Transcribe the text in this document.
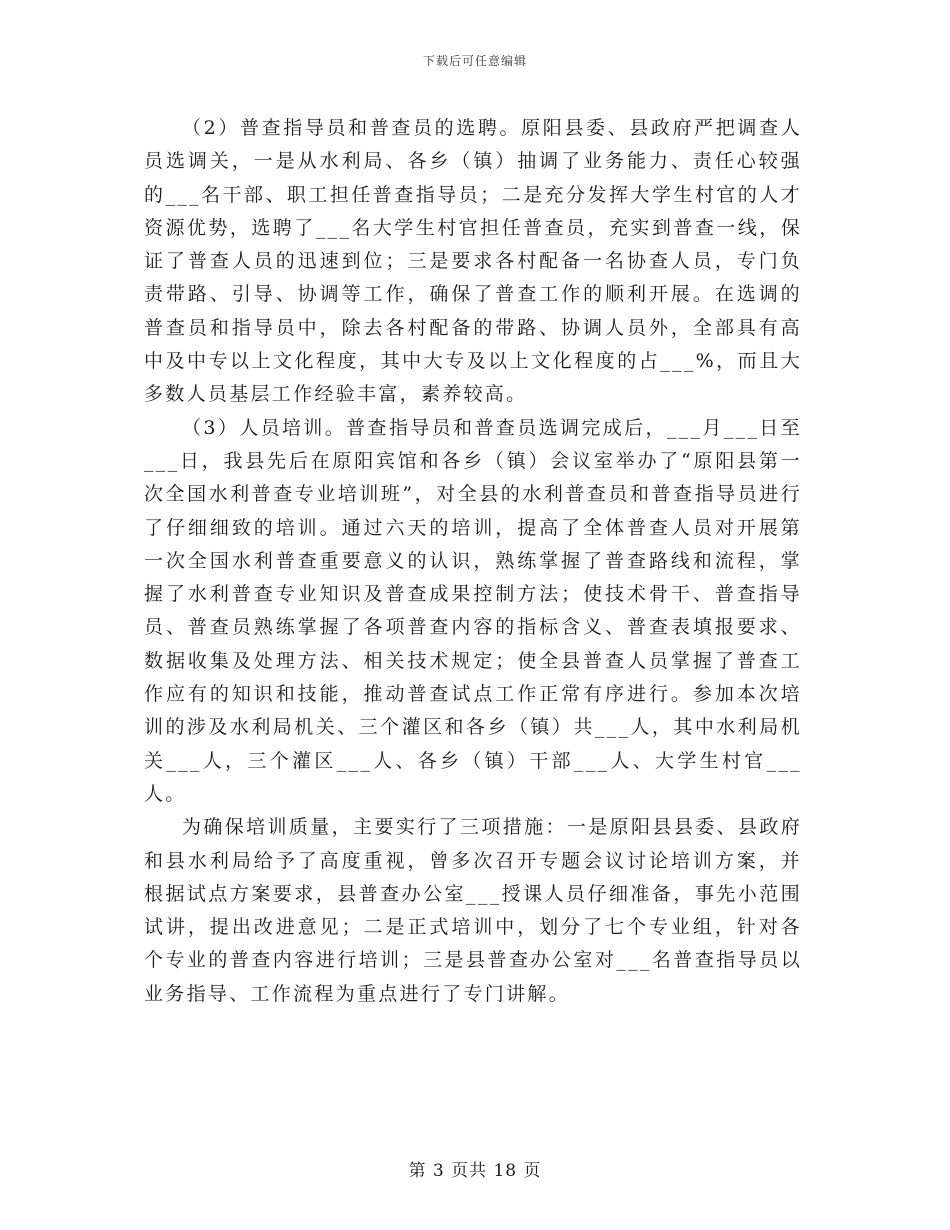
下载后可任意编辑

（2）普查指导员和普查员的选聘。原阳县委、县政府严把调查人员选调关，一是从水利局、各乡（镇）抽调了业务能力、责任心较强的___名干部、职工担任普查指导员；二是充分发挥大学生村官的人才资源优势，选聘了___名大学生村官担任普查员，充实到普查一线，保证了普查人员的迅速到位；三是要求各村配备一名协查人员，专门负责带路、引导、协调等工作，确保了普查工作的顺利开展。在选调的普查员和指导员中，除去各村配备的带路、协调人员外，全部具有高中及中专以上文化程度，其中大专及以上文化程度的占___%，而且大多数人员基层工作经验丰富，素养较高。

（3）人员培训。普查指导员和普查员选调完成后，___月___日至___日，我县先后在原阳宾馆和各乡（镇）会议室举办了“原阳县第一次全国水利普查专业培训班”，对全县的水利普查员和普查指导员进行了仔细细致的培训。通过六天的培训，提高了全体普查人员对开展第一次全国水利普查重要意义的认识，熟练掌握了普查路线和流程，掌握了水利普查专业知识及普查成果控制方法；使技术骨干、普查指导员、普查员熟练掌握了各项普查内容的指标含义、普查表填报要求、数据收集及处理方法、相关技术规定；使全县普查人员掌握了普查工作应有的知识和技能，推动普查试点工作正常有序进行。参加本次培训的涉及水利局机关、三个灌区和各乡（镇）共___人，其中水利局机关___人，三个灌区___人、各乡（镇）干部___人、大学生村官___人。

为确保培训质量，主要实行了三项措施：一是原阳县县委、县政府和县水利局给予了高度重视，曾多次召开专题会议讨论培训方案，并根据试点方案要求，县普查办公室___授课人员仔细准备，事先小范围试讲，提出改进意见；二是正式培训中，划分了七个专业组，针对各个专业的普查内容进行培训；三是县普查办公室对___名普查指导员以业务指导、工作流程为重点进行了专门讲解。

第 3 页共 18 页
